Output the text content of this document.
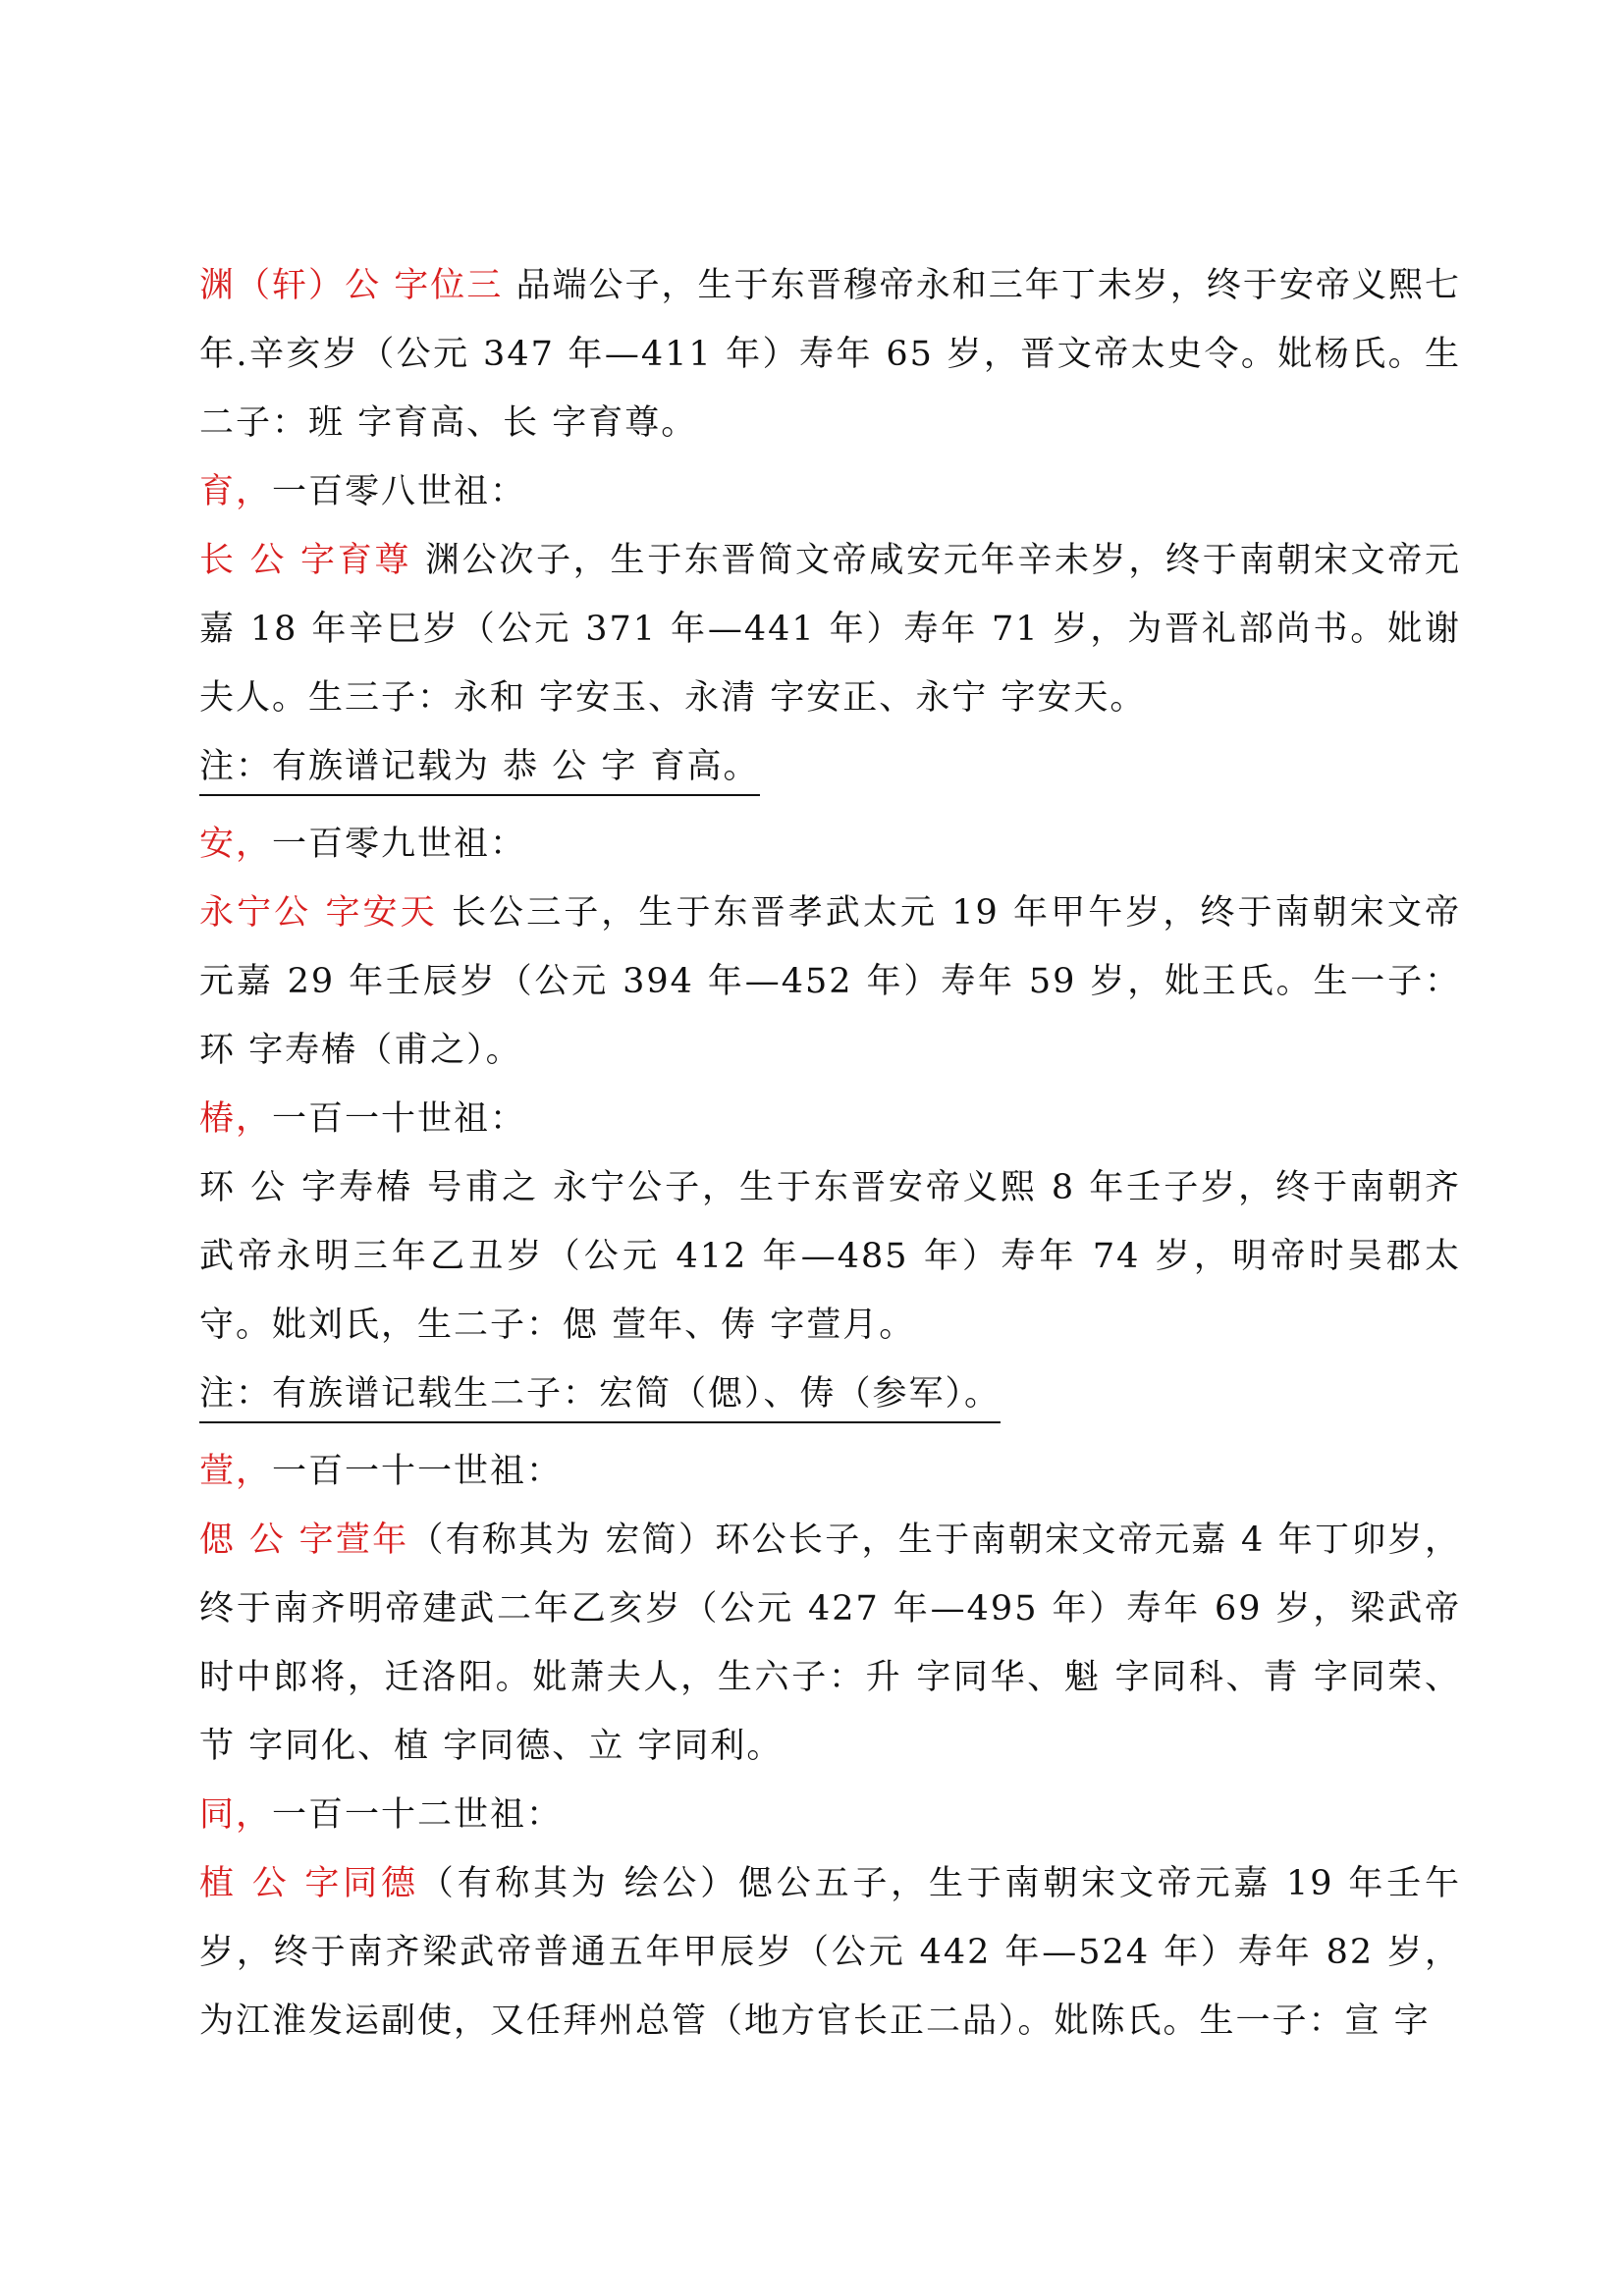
渊（轩）公 字位三 品端公子，生于东晋穆帝永和三年丁未岁，终于安帝义熙七年.辛亥岁（公元 347 年—411 年）寿年 65 岁，晋文帝太史令。妣杨氏。生二子：班 字育高、长 字育尊。

育，一百零八世祖：

长 公 字育尊 渊公次子，生于东晋简文帝咸安元年辛未岁，终于南朝宋文帝元嘉 18 年辛巳岁（公元 371 年—441 年）寿年 71 岁，为晋礼部尚书。妣谢夫人。生三子：永和 字安玉、永清 字安正、永宁 字安天。

注：有族谱记载为 恭 公 字 育高。

安，一百零九世祖：

永宁公 字安天 长公三子，生于东晋孝武太元 19 年甲午岁，终于南朝宋文帝元嘉 29 年壬辰岁（公元 394 年—452 年）寿年 59 岁，妣王氏。生一子：环 字寿椿（甫之）。

椿，一百一十世祖：

环 公 字寿椿 号甫之 永宁公子，生于东晋安帝义熙 8 年壬子岁，终于南朝齐武帝永明三年乙丑岁（公元 412 年—485 年）寿年 74 岁，明帝时吴郡太守。妣刘氏，生二子：偲 萱年、俦 字萱月。

注：有族谱记载生二子：宏简（偲）、俦（参军）。

萱，一百一十一世祖：

偲 公 字萱年（有称其为 宏简）环公长子，生于南朝宋文帝元嘉 4 年丁卯岁，终于南齐明帝建武二年乙亥岁（公元 427 年—495 年）寿年 69 岁，梁武帝时中郎将，迁洛阳。妣萧夫人，生六子：升 字同华、魁 字同科、青 字同荣、节 字同化、植 字同德、立 字同利。

同，一百一十二世祖：

植 公 字同德（有称其为 绘公）偲公五子，生于南朝宋文帝元嘉 19 年壬午岁，终于南齐梁武帝普通五年甲辰岁（公元 442 年—524 年）寿年 82 岁，为江淮发运副使，又任拜州总管（地方官长正二品）。妣陈氏。生一子：宣 字
